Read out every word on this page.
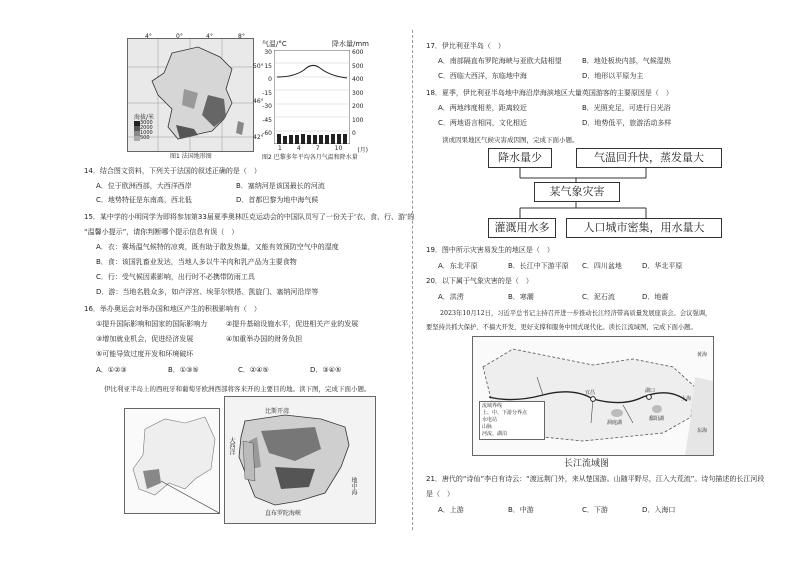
海拔/米
3000
2000
1000
500
4°	0°	4°	8°
50°
46°
42°
图1 法国地形图
气温/°C	降水量/mm
30
15
0
-15
-30
-45
-60
600
500
400
300
200
100
0
1	4	7	10	(月)
图2 巴黎多年平均各月气温和降水量
14．结合图文资料，下列关于法国的叙述正确的是（　）
A．位于欧洲西部，大西洋西岸	B．塞纳河是该国最长的河流
C．地势特征是东南高，西北低	D．首都巴黎为地中海气候
15．某中学的小明同学为即将参加第33届夏季奥林匹克运动会的中国队员写了一份关于‘衣、食、行、游’的
“温馨小提示”，请你判断哪个提示信息有误（　）
A．衣：赛场温气候特的凉爽，既有助于散发热量，又能有效预防空气中的湿度
B．食：该国乳畜业发达，当地人多以牛羊肉和乳产品为主要食物
C．行：受气候因素影响，出行时不必携带防雨工具
D．游：当地名胜众多，如卢浮宫、埃菲尔铁塔、凯旋门、塞纳河沿岸等
16．举办奥运会对举办国和地区产生的积极影响有（　）
①提升国际影响和国家的国际影响力	②提升基础设施水平，促进相关产业的发展
③增加就业机会，促进经济发展	④加重举办国的财务负担
⑤可能导致过度开发和环境破坏
A．①②③	B．①③⑤	C．②④⑤	D．③④⑤
伊比利亚半岛上的西班牙和葡萄牙欧洲西部将客来开的主要目的地。读下图，完成下面小题。
比斯开湾
大西洋
地中海
直布罗陀海峡
17．伊比利亚半岛（　）
A．南部隔直布罗陀海峡与亚欧大陆相望	B．地处板块内部，气候湿热
C．西临大西洋，东临地中海	D．地形以平原为主
18．夏季，伊比利亚半岛地中海沿岸海滨地区大量英国游客的主要原因是（　）
A．两地纬度相差，距离较近	B．光照充足，可进行日光浴
C．两地语言相同，文化相近	D．地势低平，旅游活动多样
读或因果地区气候灾害成因图，完成下面小题。
降水量少	气温回升快，蒸发量大
某气象灾害
灌溉用水多	人口城市密集，用水量大
19．图中所示灾害易发生的地区是（　）
A．东北平原	B．长江中下游平原 C．四川盆地	D．华北平原
20．以下属于气象灾害的是（　）
A．洪涝	B．寒潮	C．泥石流	D．地震
2023年10月12日，习近平总书记主持召开进一步推动长江经济带高质量发展座谈会。会议强调，
要坚持共抓大保护、不搞大开发，更好支撑和服务中国式现代化。读长江流域图，完成下面小题。
流域界线
上、中、下游分界点
水电站
山脉
河流、湖泊
宜昌
洞庭湖
鄱阳湖
湖口
上海
黄海
东海
长江流域图
21．唐代的“诗仙”李白有诗云：“渡远荆门外，来从楚国游。山随平野尽，江入大荒流”。诗句描述的长江河段
是（　）
A．上游	B．中游	C．下游	D．入海口
